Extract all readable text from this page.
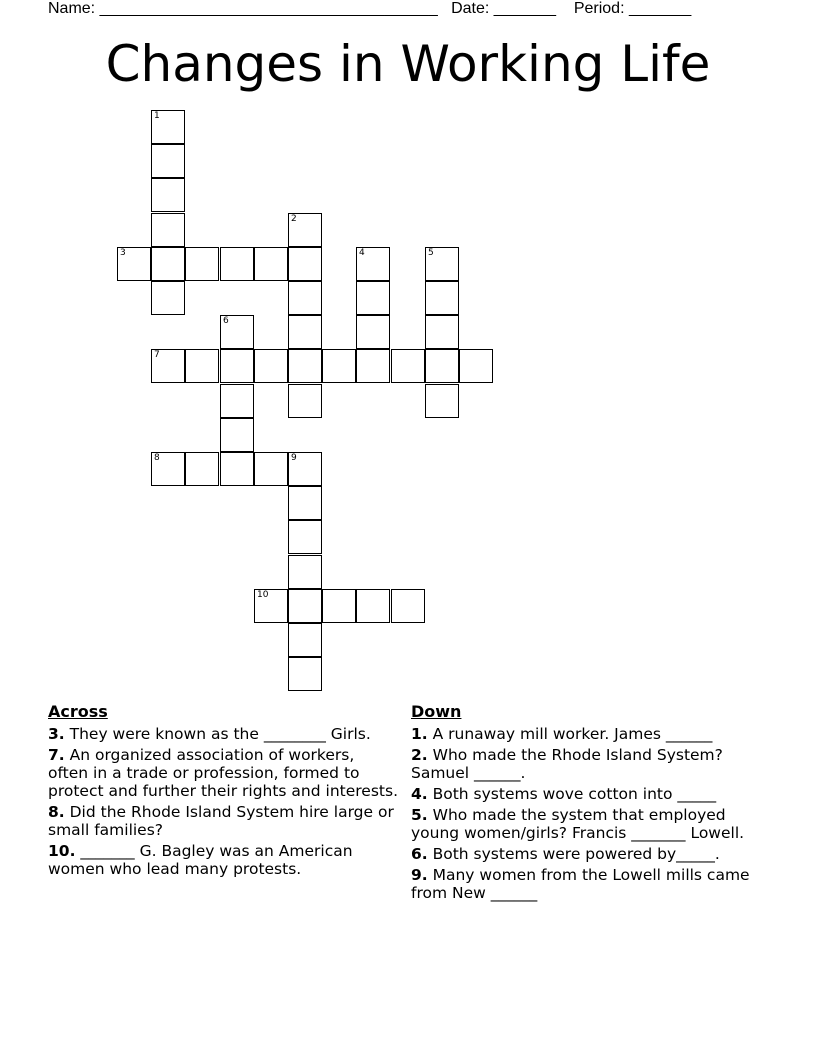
Name: ______________________________________ Date: _______ Period: _______
Changes in Working Life
1
2
3	4	5
6
7
8	9
10
Across
3. They were known as the ________ Girls.
7. An organized association of workers, often in a trade or profession, formed to protect and further their rights and interests.
8. Did the Rhode Island System hire large or small families?
10. _______ G. Bagley was an American women who lead many protests.
Down
1. A runaway mill worker. James ______
2. Who made the Rhode Island System? Samuel ______.
4. Both systems wove cotton into _____
5. Who made the system that employed young women/girls? Francis _______ Lowell.
6. Both systems were powered by_____.
9. Many women from the Lowell mills came from New ______
